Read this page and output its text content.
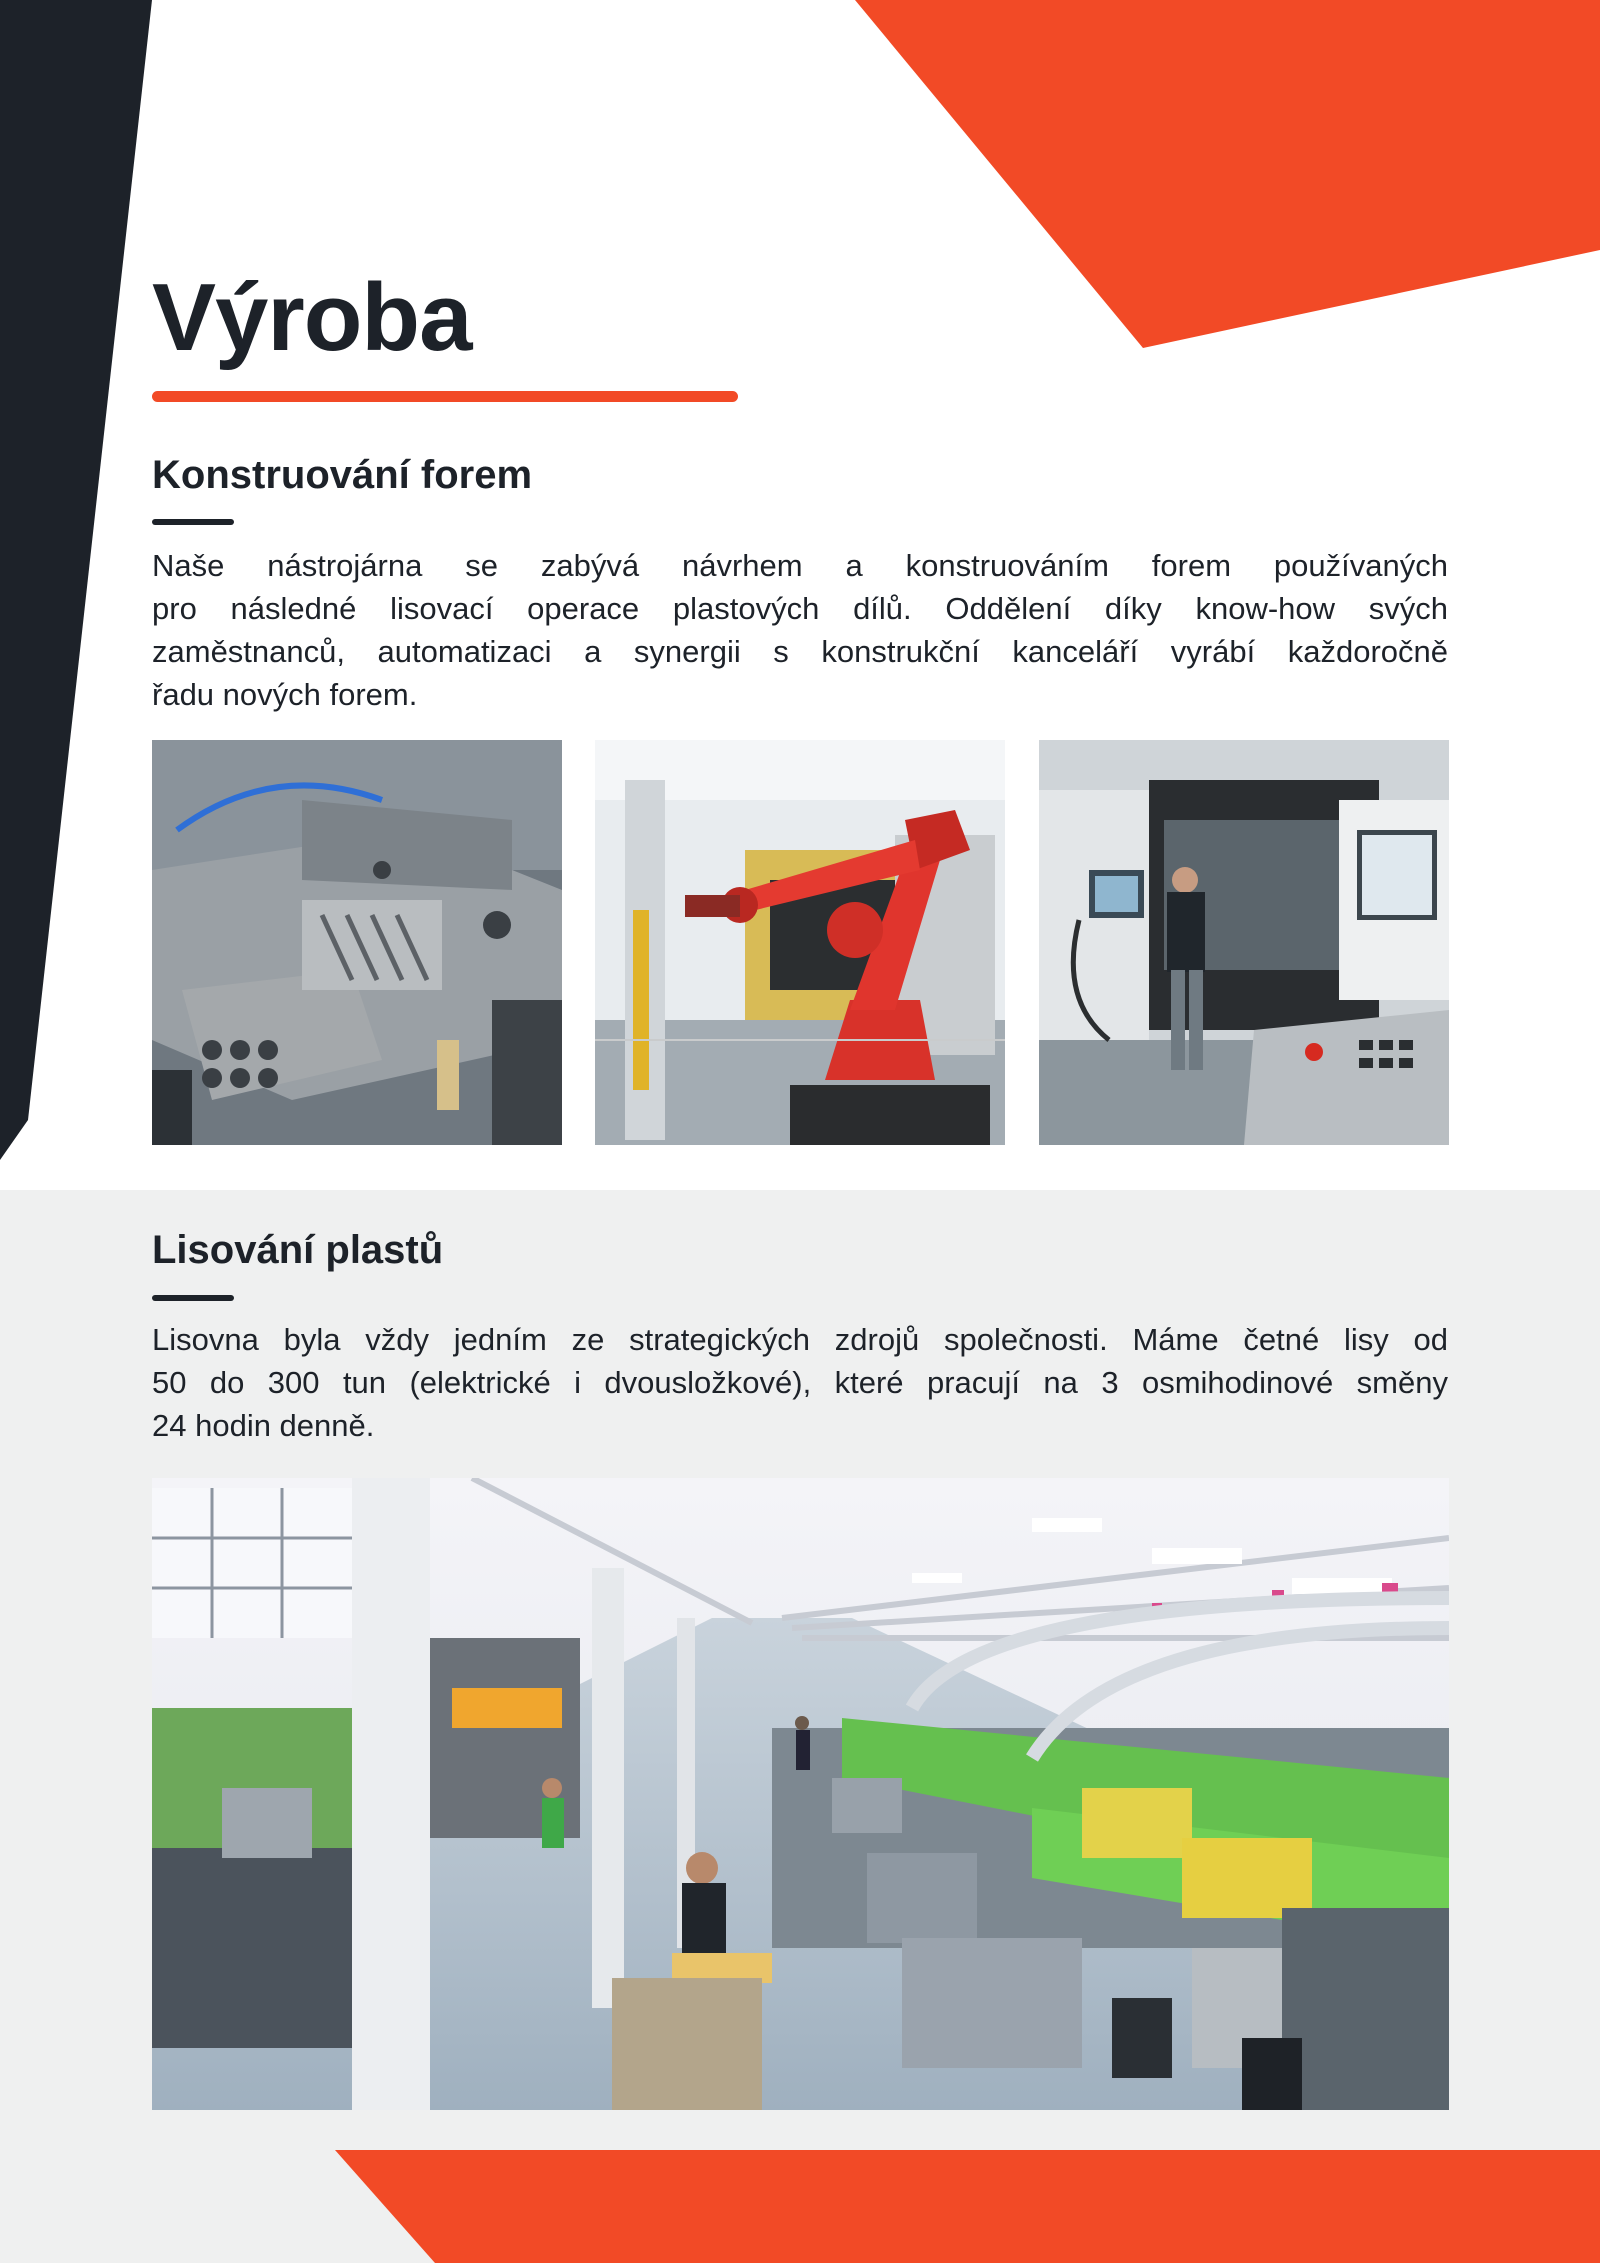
Výroba
Konstruování forem

Naše nástrojárna se zabývá návrhem a konstruováním forem používaných

pro následné lisovací operace plastových dílů. Oddělení díky know-how svých

zaměstnanců, automatizaci a synergii s konstrukční kanceláří vyrábí každoročně

řadu nových forem.

Lisování plastů

Lisovna byla vždy jedním ze strategických zdrojů společnosti. Máme četné lisy od

50 do 300 tun (elektrické i dvousložkové), které pracují na 3 osmihodinové směny

24 hodin denně.
